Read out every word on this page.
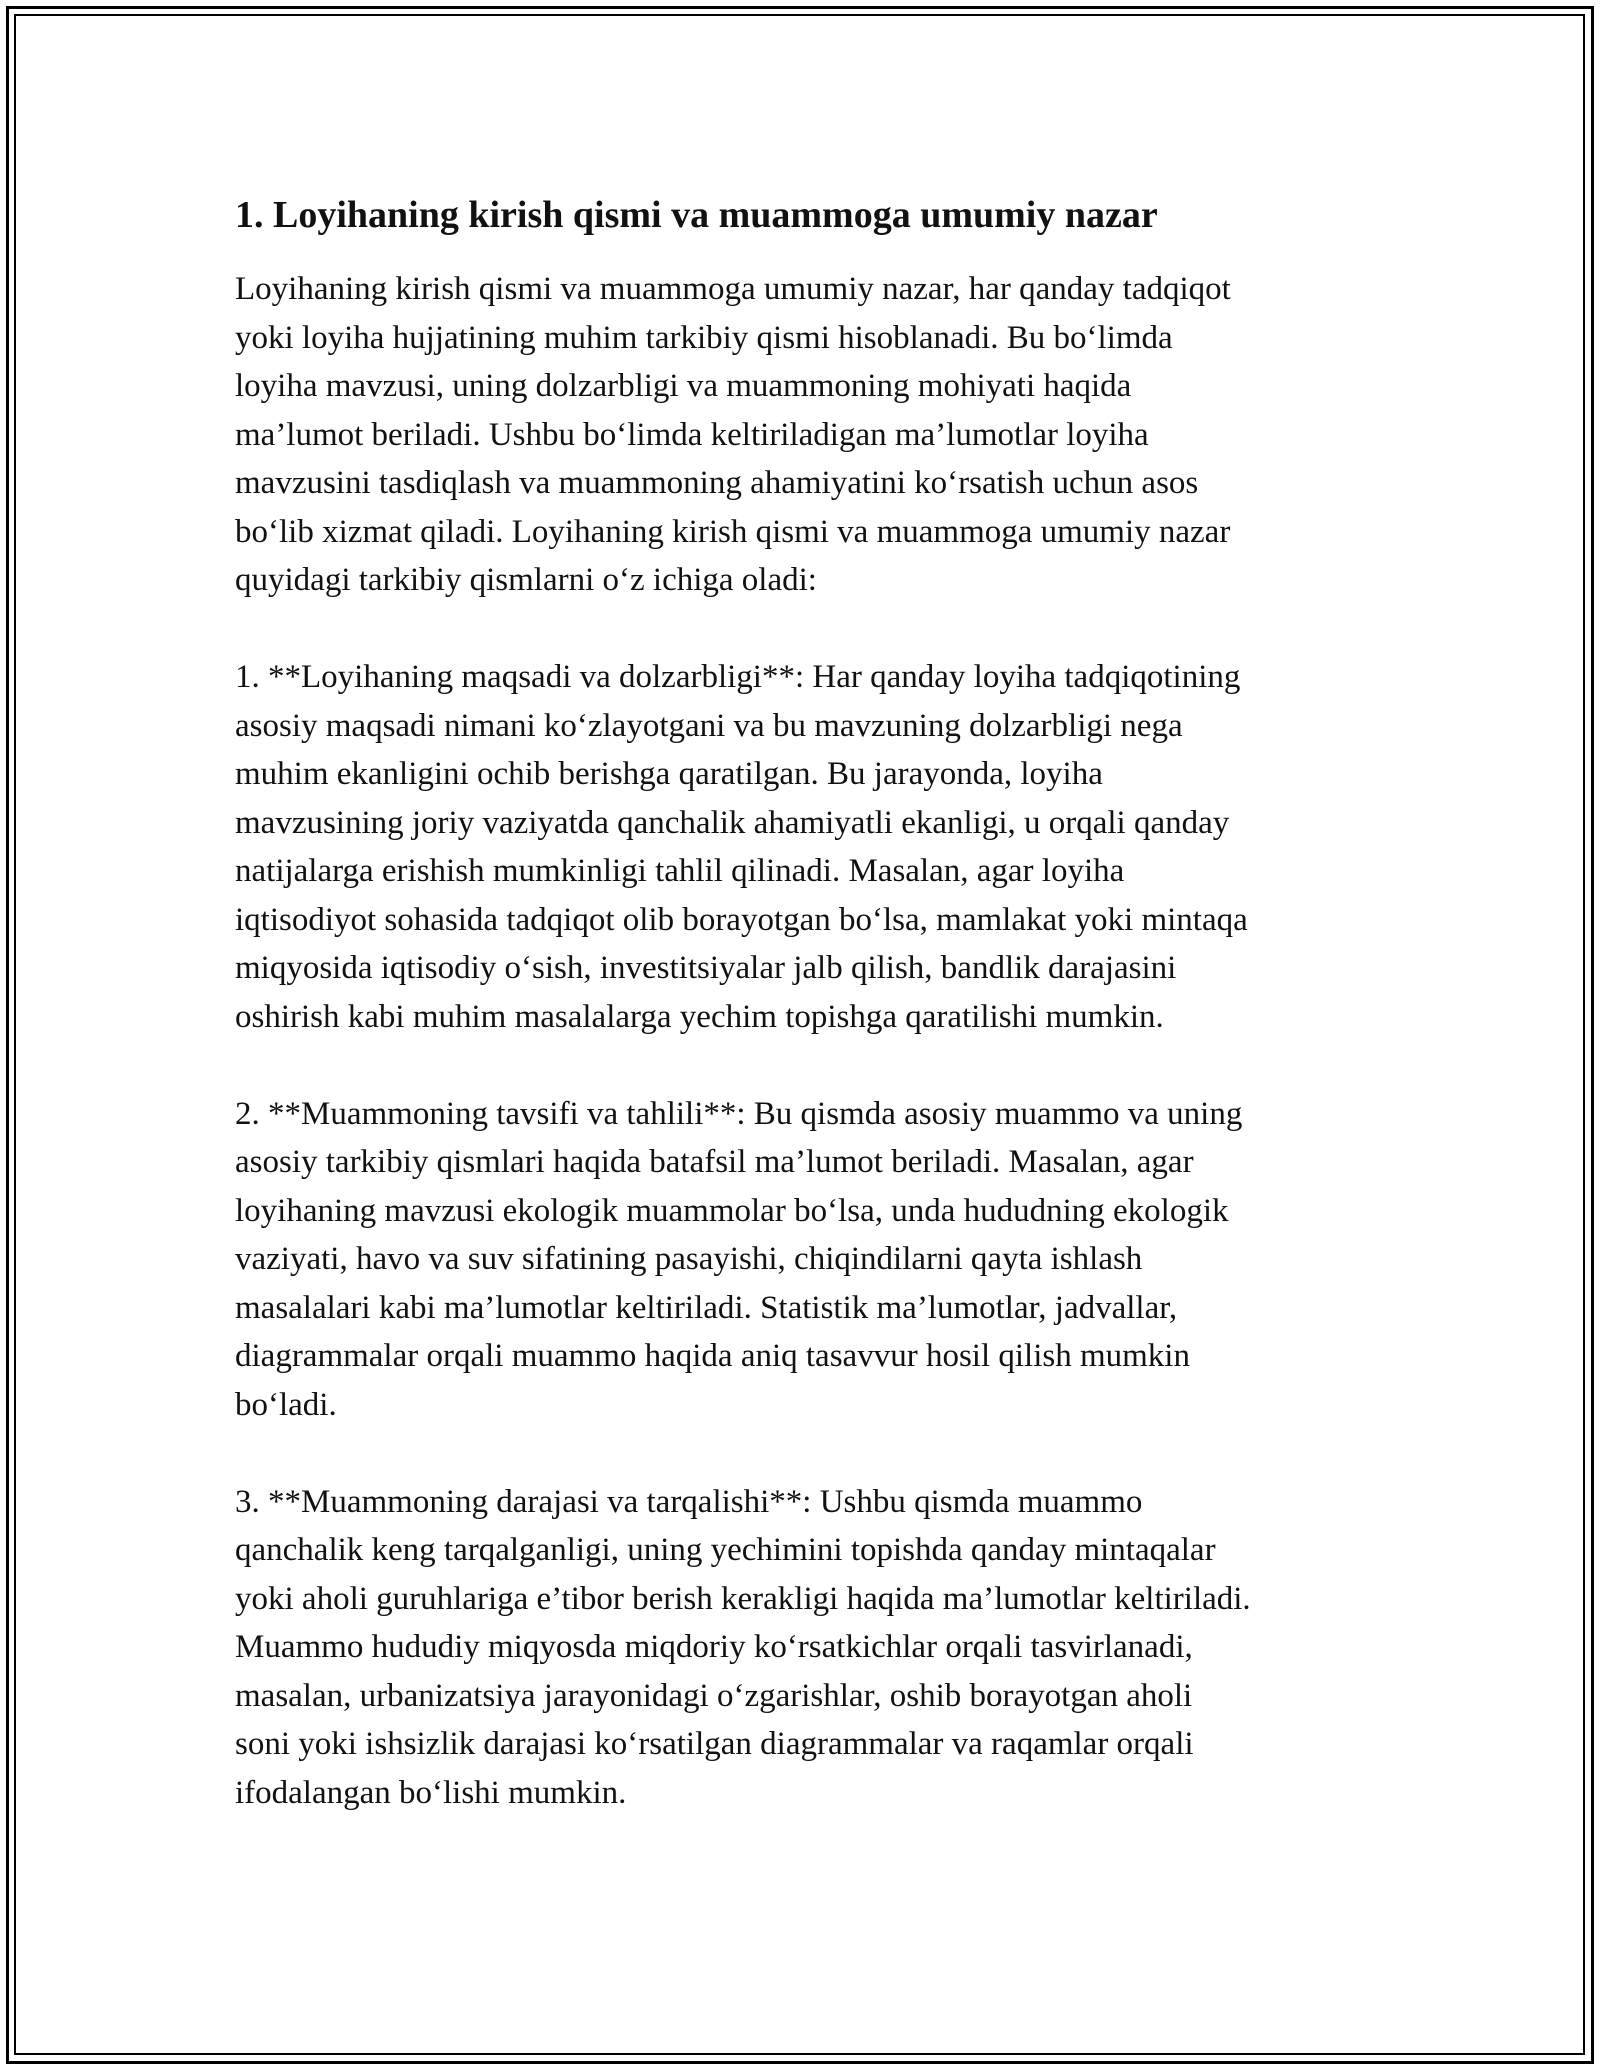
1. Loyihaning kirish qismi va muammoga umumiy nazar

Loyihaning kirish qismi va muammoga umumiy nazar, har qanday tadqiqot
yoki loyiha hujjatining muhim tarkibiy qismi hisoblanadi. Bu bo‘limda
loyiha mavzusi, uning dolzarbligi va muammoning mohiyati haqida
ma’lumot beriladi. Ushbu bo‘limda keltiriladigan ma’lumotlar loyiha
mavzusini tasdiqlash va muammoning ahamiyatini ko‘rsatish uchun asos
bo‘lib xizmat qiladi. Loyihaning kirish qismi va muammoga umumiy nazar
quyidagi tarkibiy qismlarni o‘z ichiga oladi:

1. **Loyihaning maqsadi va dolzarbligi**: Har qanday loyiha tadqiqotining
asosiy maqsadi nimani ko‘zlayotgani va bu mavzuning dolzarbligi nega
muhim ekanligini ochib berishga qaratilgan. Bu jarayonda, loyiha
mavzusining joriy vaziyatda qanchalik ahamiyatli ekanligi, u orqali qanday
natijalarga erishish mumkinligi tahlil qilinadi. Masalan, agar loyiha
iqtisodiyot sohasida tadqiqot olib borayotgan bo‘lsa, mamlakat yoki mintaqa
miqyosida iqtisodiy o‘sish, investitsiyalar jalb qilish, bandlik darajasini
oshirish kabi muhim masalalarga yechim topishga qaratilishi mumkin.

2. **Muammoning tavsifi va tahlili**: Bu qismda asosiy muammo va uning
asosiy tarkibiy qismlari haqida batafsil ma’lumot beriladi. Masalan, agar
loyihaning mavzusi ekologik muammolar bo‘lsa, unda hududning ekologik
vaziyati, havo va suv sifatining pasayishi, chiqindilarni qayta ishlash
masalalari kabi ma’lumotlar keltiriladi. Statistik ma’lumotlar, jadvallar,
diagrammalar orqali muammo haqida aniq tasavvur hosil qilish mumkin
bo‘ladi.

3. **Muammoning darajasi va tarqalishi**: Ushbu qismda muammo
qanchalik keng tarqalganligi, uning yechimini topishda qanday mintaqalar
yoki aholi guruhlariga e’tibor berish kerakligi haqida ma’lumotlar keltiriladi.
Muammo hududiy miqyosda miqdoriy ko‘rsatkichlar orqali tasvirlanadi,
masalan, urbanizatsiya jarayonidagi o‘zgarishlar, oshib borayotgan aholi
soni yoki ishsizlik darajasi ko‘rsatilgan diagrammalar va raqamlar orqali
ifodalangan bo‘lishi mumkin.
